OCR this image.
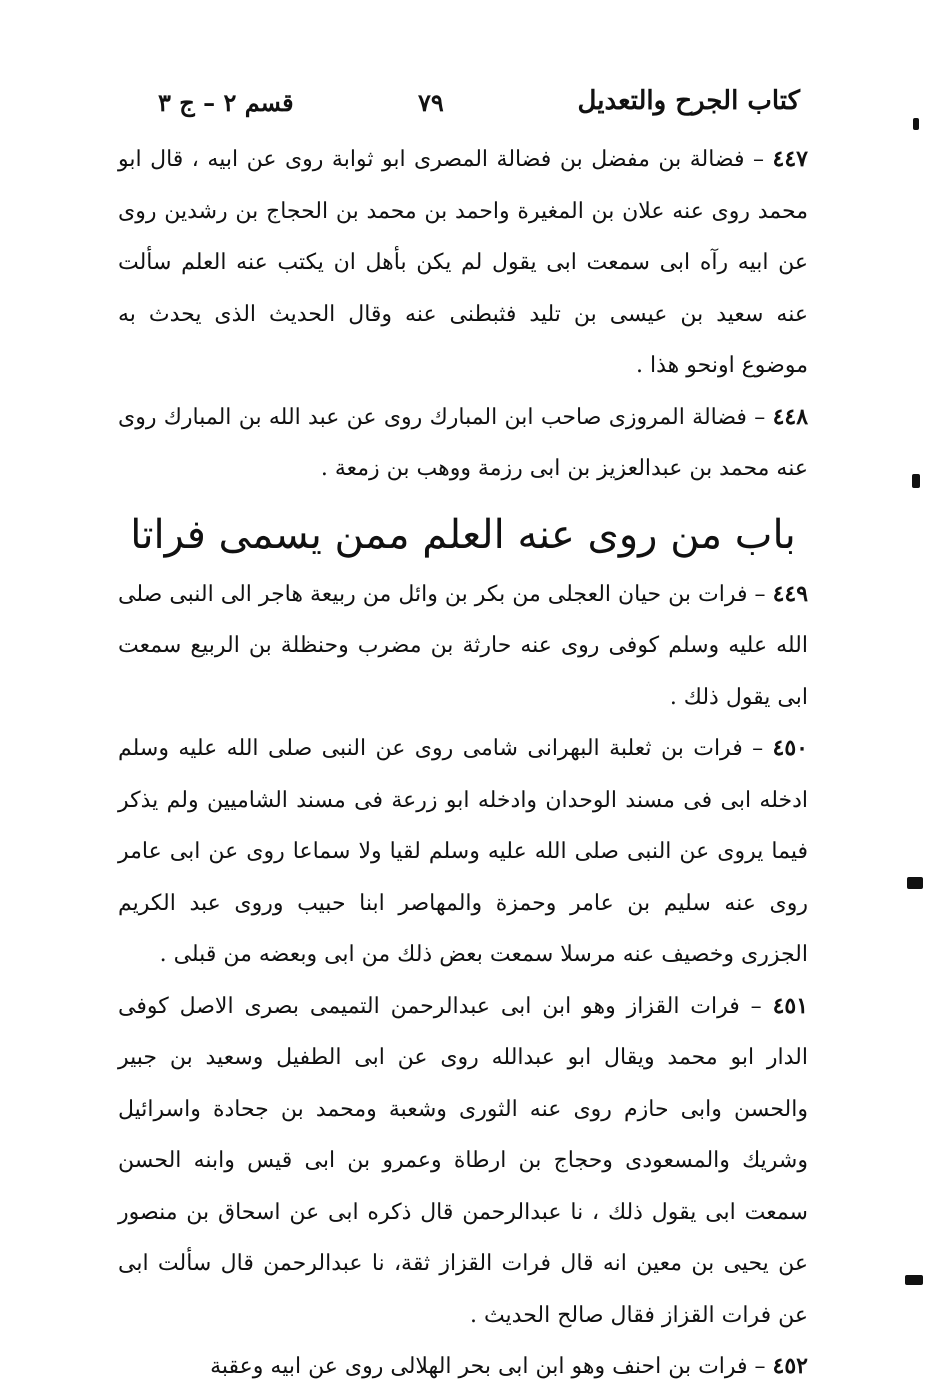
كتاب الجرح والتعديل
٧٩
قسم ٢ – ج ٣

٤٤٧ – فضالة بن مفضل بن فضالة المصرى ابو ثوابة روى عن ابيه ، قال ابو محمد روى عنه علان بن المغيرة واحمد بن محمد بن الحجاج بن رشدين روى عن ابيه رآه ابى سمعت ابى يقول لم يكن بأهل ان يكتب عنه العلم سألت عنه سعيد بن عيسى بن تليد فثبطنى عنه وقال الحديث الذى يحدث به موضوع اونحو هذا .

٤٤٨ – فضالة المروزى صاحب ابن المبارك روى عن عبد الله بن المبارك روى عنه محمد بن عبدالعزيز بن ابى رزمة ووهب بن زمعة .

باب من روى عنه العلم ممن يسمى فراتا

٤٤٩ – فرات بن حيان العجلى من بكر بن وائل من ربيعة هاجر الى النبى صلى الله عليه وسلم كوفى روى عنه حارثة بن مضرب وحنظلة بن الربيع سمعت ابى يقول ذلك .

٤٥٠ – فرات بن ثعلبة البهرانى شامى روى عن النبى صلى الله عليه وسلم ادخله ابى فى مسند الوحدان وادخله ابو زرعة فى مسند الشاميين ولم يذكر فيما يروى عن النبى صلى الله عليه وسلم لقيا ولا سماعا روى عن ابى عامر روى عنه سليم بن عامر وحمزة والمهاصر ابنا حبيب وروى عبد الكريم الجزرى وخصيف عنه مرسلا سمعت بعض ذلك من ابى وبعضه من قبلى .

٤٥١ – فرات القزاز وهو ابن ابى عبدالرحمن التميمى بصرى الاصل كوفى الدار ابو محمد ويقال ابو عبدالله روى عن ابى الطفيل وسعيد بن جبير والحسن وابى حازم روى عنه الثورى وشعبة ومحمد بن جحادة واسرائيل وشريك والمسعودى وحجاج بن ارطاة وعمرو بن ابى قيس وابنه الحسن سمعت ابى يقول ذلك ، نا عبدالرحمن قال ذكره ابى عن اسحاق بن منصور عن يحيى بن معين انه قال فرات القزاز ثقة، نا عبدالرحمن قال سألت ابى عن فرات القزاز فقال صالح الحديث .

٤٥٢ – فرات بن احنف وهو ابن ابى بحر الهلالى روى عن ابيه وعقبة
